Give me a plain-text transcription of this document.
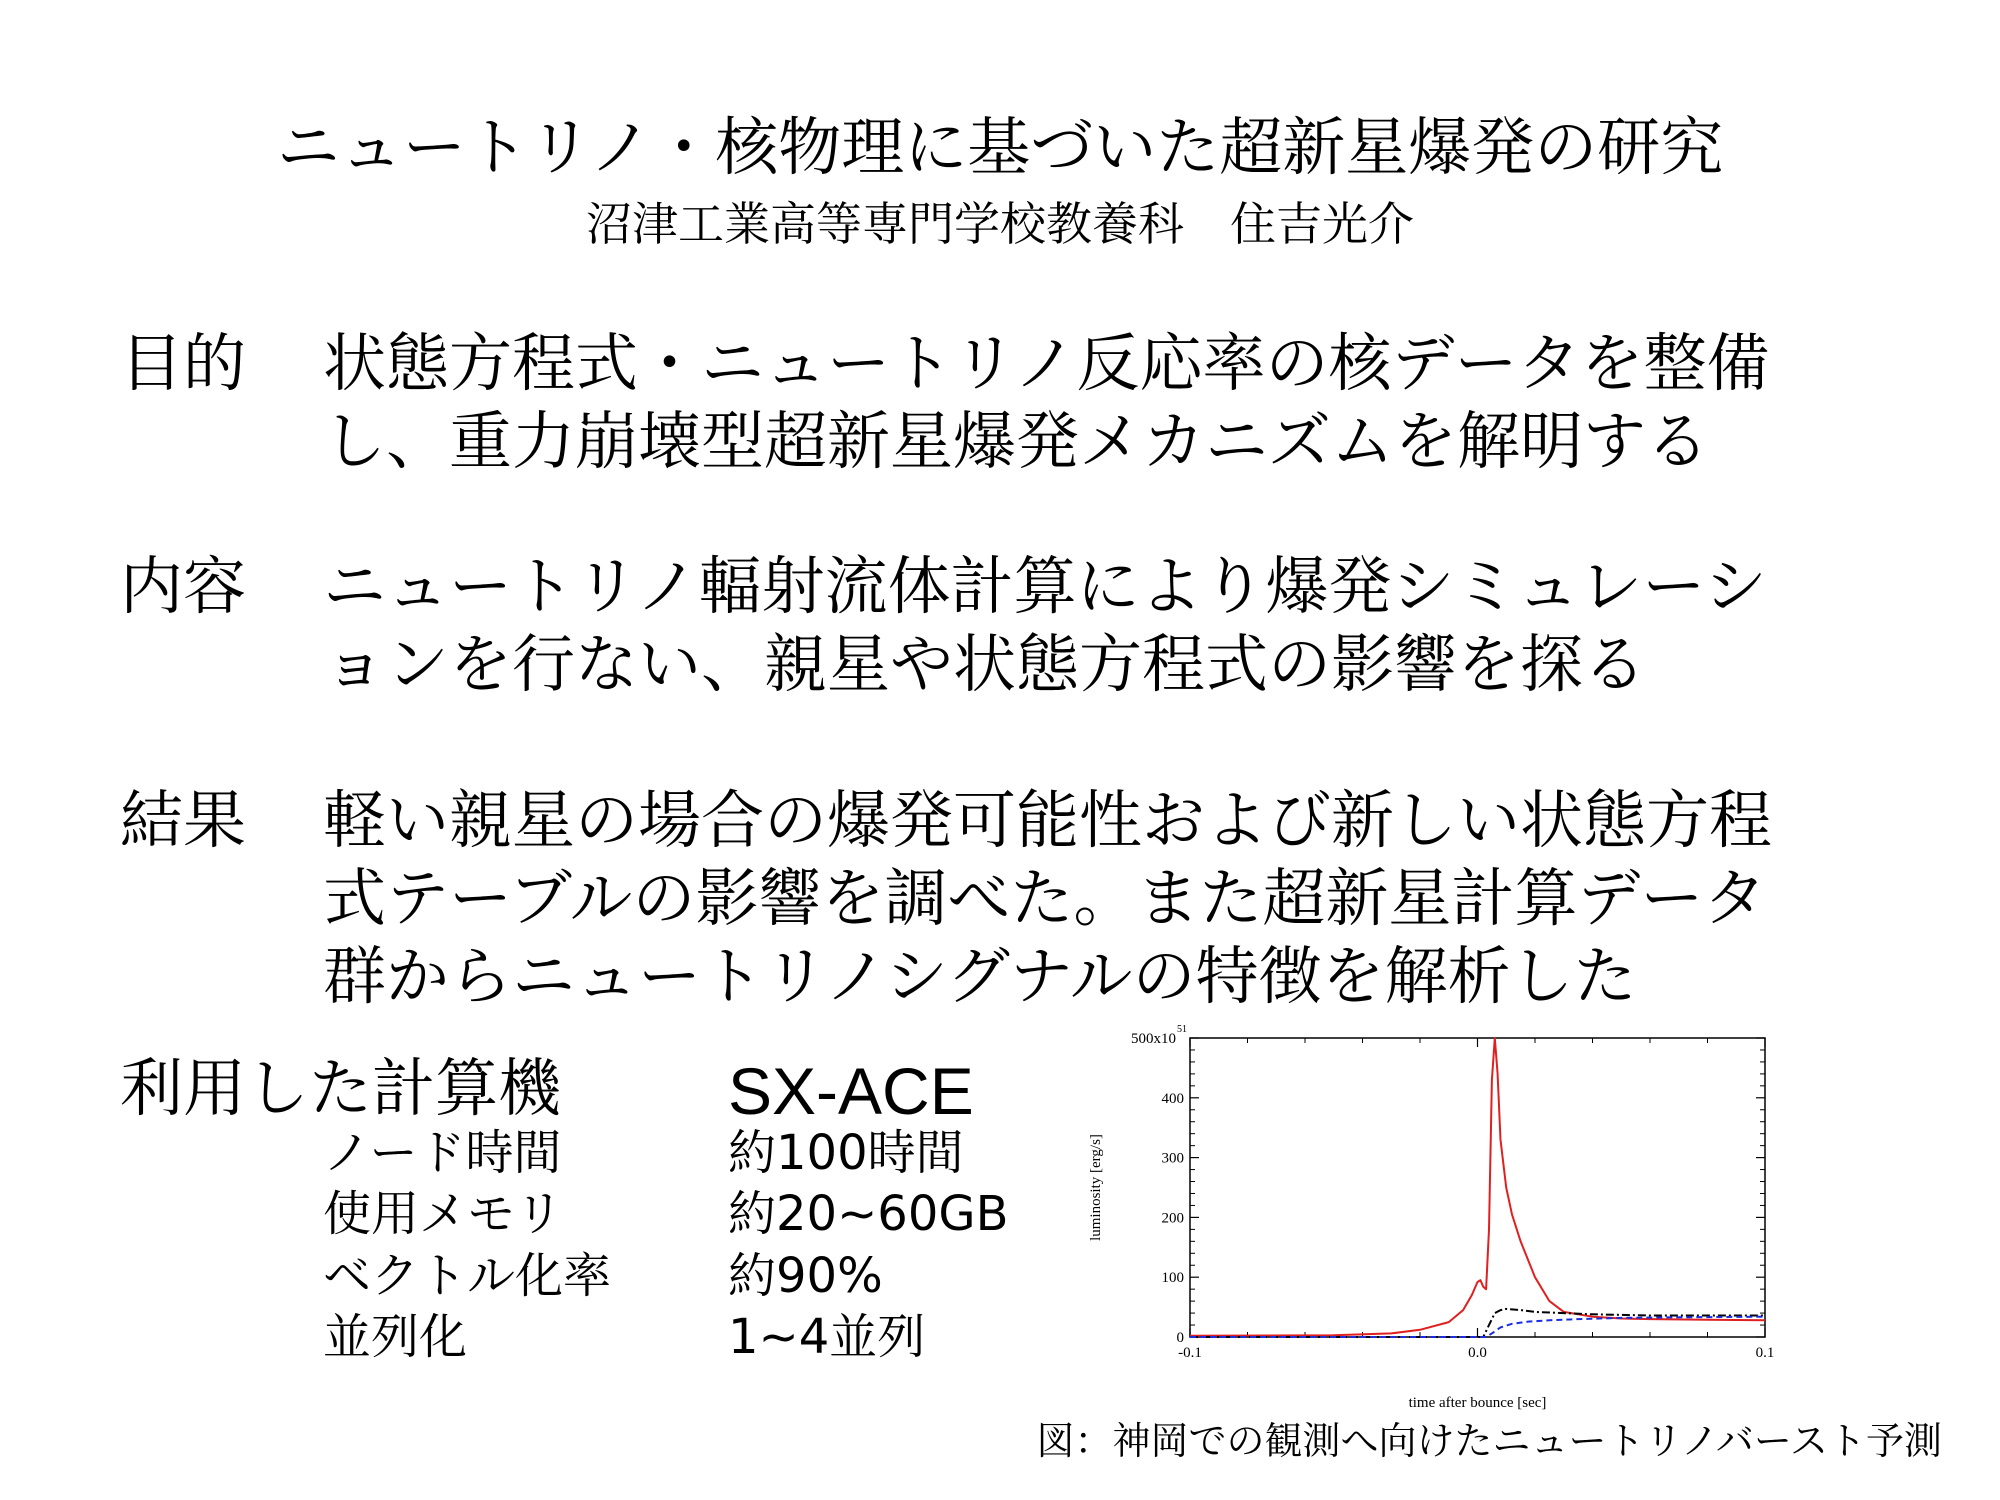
ニュートリノ・核物理に基づいた超新星爆発の研究
沼津工業高等専門学校教養科　住吉光介
目的 状態方程式・ニュートリノ反応率の核データを整備
し、重力崩壊型超新星爆発メカニズムを解明する
内容 ニュートリノ輻射流体計算により爆発シミュレーシ
ョンを行ない、親星や状態方程式の影響を探る
結果 軽い親星の場合の爆発可能性および新しい状態方程
式テーブルの影響を調べた。また超新星計算データ
群からニュートリノシグナルの特徴を解析した
利用した計算機	SX-ACE
ノード時間	約100時間
使用メモリ	約20~60GB
ベクトル化率 約90%
並列化	1~4並列	0
100
200
300
400
500x10
51
-0.1	0.0	0.1
time after bounce [sec]
luminosity [erg/s]
図：神岡での観測へ向けたニュートリノバースト予測
